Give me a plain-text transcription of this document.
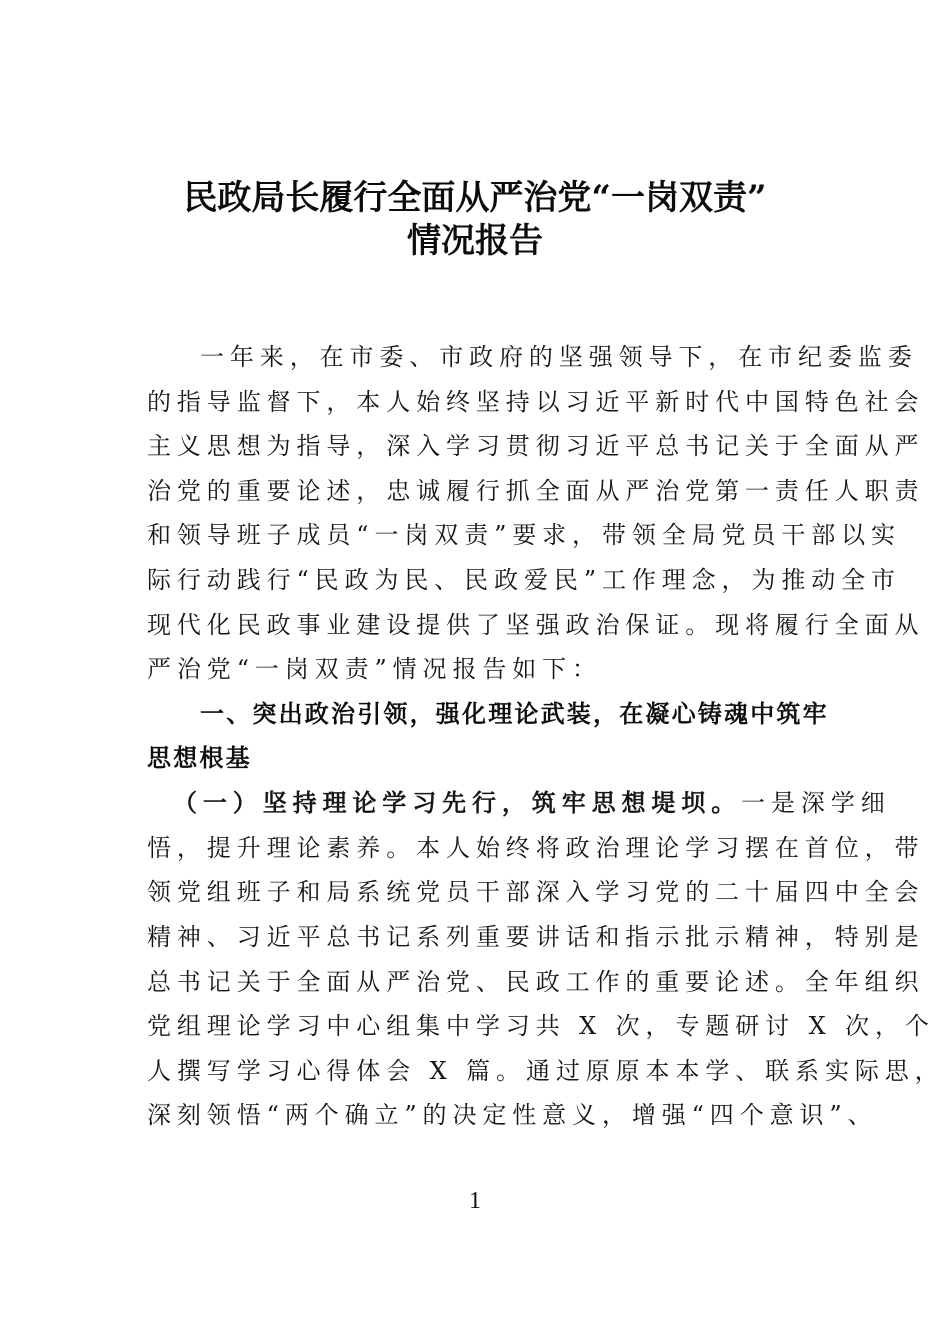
民政局长履行全面从严治党“一岗双责”
情况报告
一年来，在市委、市政府的坚强领导下，在市纪委监委
的指导监督下，本人始终坚持以习近平新时代中国特色社会
主义思想为指导，深入学习贯彻习近平总书记关于全面从严
治党的重要论述，忠诚履行抓全面从严治党第一责任人职责
和领导班子成员“一岗双责”要求，带领全局党员干部以实
际行动践行“民政为民、民政爱民”工作理念，为推动全市
现代化民政事业建设提供了坚强政治保证。现将履行全面从
严治党“一岗双责”情况报告如下：
一、突出政治引领，强化理论武装，在凝心铸魂中筑牢
思想根基
（一）坚持理论学习先行，筑牢思想堤坝。一是深学细
悟，提升理论素养。本人始终将政治理论学习摆在首位，带
领党组班子和局系统党员干部深入学习党的二十届四中全会
精神、习近平总书记系列重要讲话和指示批示精神，特别是
总书记关于全面从严治党、民政工作的重要论述。全年组织
党组理论学习中心组集中学习共 X 次，专题研讨 X 次，个
人撰写学习心得体会 X 篇。通过原原本本学、联系实际思，
深刻领悟“两个确立”的决定性意义，增强“四个意识”、
1
